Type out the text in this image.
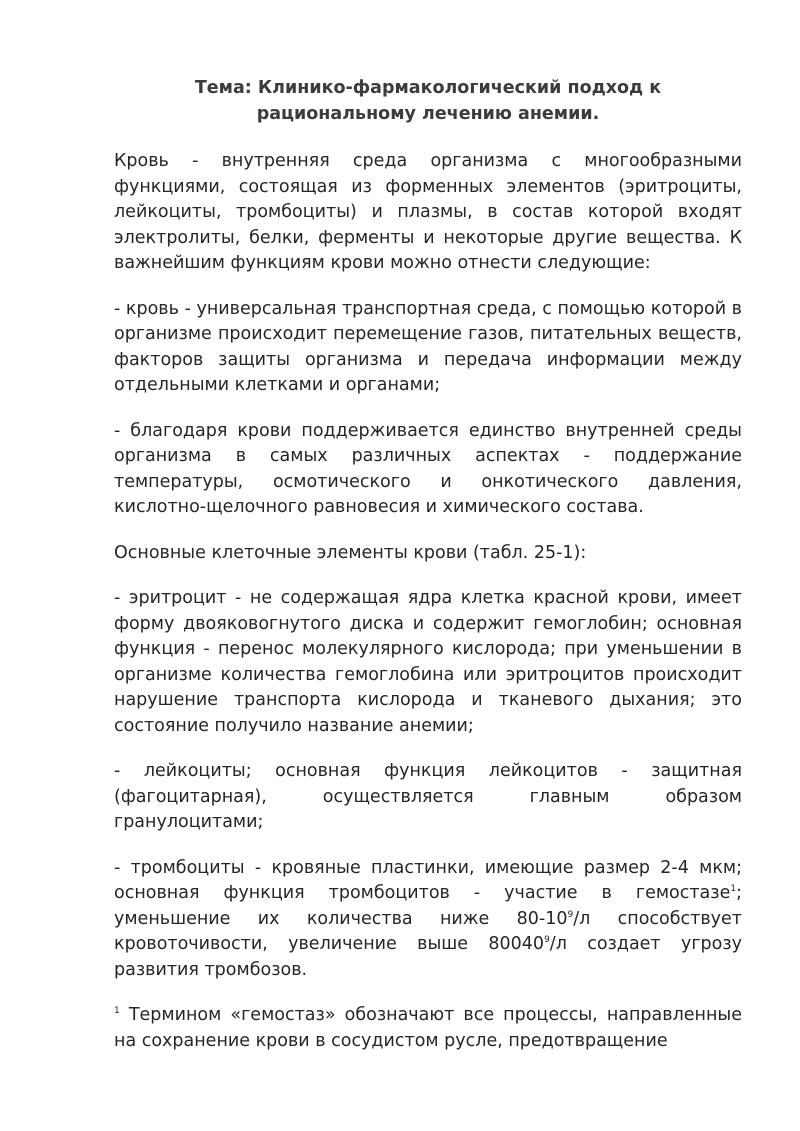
Тема: Клинико-фармакологический подход к рациональному лечению анемии.
Кровь - внутренняя среда организма с многообразными функциями, состоящая из форменных элементов (эритроциты, лейкоциты, тромбоциты) и плазмы, в состав которой входят электролиты, белки, ферменты и некоторые другие вещества. К важнейшим функциям крови можно отнести следующие:
- кровь - универсальная транспортная среда, с помощью которой в организме происходит перемещение газов, питательных веществ, факторов защиты организма и передача информации между отдельными клетками и органами;
- благодаря крови поддерживается единство внутренней среды организма в самых различных аспектах - поддержание температуры, осмотического и онкотического давления, кислотно-щелочного равновесия и химического состава.
Основные клеточные элементы крови (табл. 25-1):
- эритроцит - не содержащая ядра клетка красной крови, имеет форму двояковогнутого диска и содержит гемоглобин; основная функция - перенос молекулярного кислорода; при уменьшении в организме количества гемоглобина или эритроцитов происходит нарушение транспорта кислорода и тканевого дыхания; это состояние получило название анемии;
- лейкоциты; основная функция лейкоцитов - защитная (фагоцитарная), осуществляется главным образом гранулоцитами;
- тромбоциты - кровяные пластинки, имеющие размер 2-4 мкм; основная функция тромбоцитов - участие в гемостазе$^1$; уменьшение их количества ниже $80-10^9/л$ способствует кровоточивости, увеличение выше 80040$^9$/л создает угрозу развития тромбозов.
$^1$ Термином «гемостаз» обозначают все процессы, направленные на сохранение крови в сосудистом русле, предотвращение
